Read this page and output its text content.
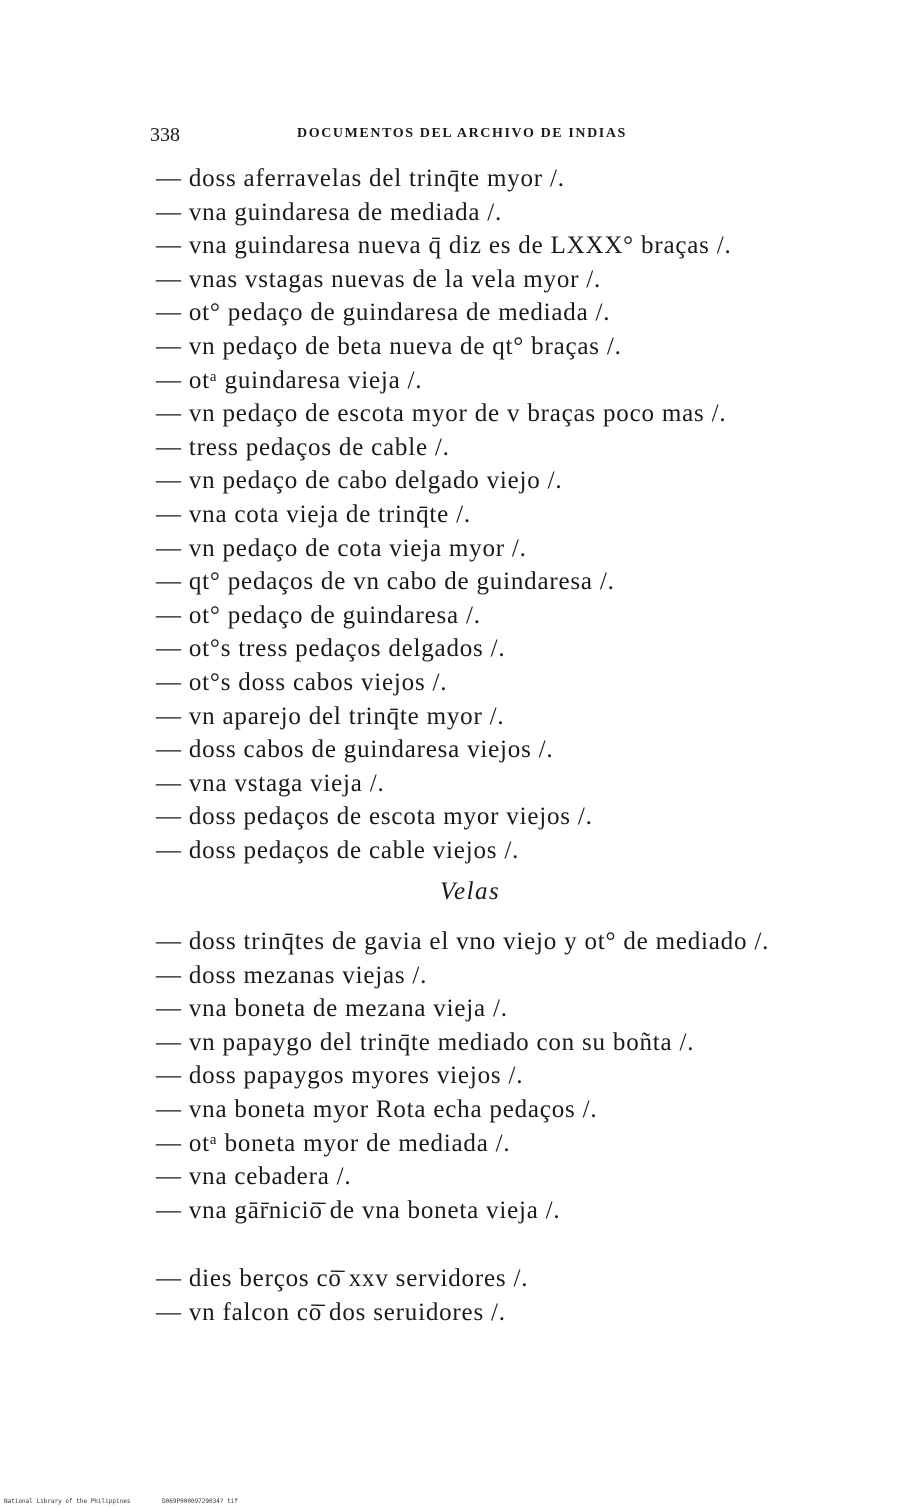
338	DOCUMENTOS DEL ARCHIVO DE INDIAS
— doss aferravelas del trinq̄te myor /.
— vna guindaresa de mediada /.
— vna guindaresa nueva q̄ diz es de LXXX° braças /.
— vnas vstagas nuevas de la vela myor /.
— ot° pedaço de guindaresa de mediada /.
— vn pedaço de beta nueva de qt° braças /.
— otᵃ guindaresa vieja /.
— vn pedaço de escota myor de v braças poco mas /.
— tress pedaços de cable /.
— vn pedaço de cabo delgado viejo /.
— vna cota vieja de trinq̄te /.
— vn pedaço de cota vieja myor /.
— qt° pedaços de vn cabo de guindaresa /.
— ot° pedaço de guindaresa /.
— ot°s tress pedaços delgados /.
— ot°s doss cabos viejos /.
— vn aparejo del trinq̄te myor /.
— doss cabos de guindaresa viejos /.
— vna vstaga vieja /.
— doss pedaços de escota myor viejos /.
— doss pedaços de cable viejos /.
Velas
— doss trinq̄tes de gavia el vno viejo y ot° de mediado /.
— doss mezanas viejas /.
— vna boneta de mezana vieja /.
— vn papaygo del trinq̄te mediado con su boñta /.
— doss papaygos myores viejos /.
— vna boneta myor Rota echa pedaços /.
— otᵃ boneta myor de mediada /.
— vna cebadera /.
— vna gār̄niciō̄ de vna boneta vieja /.
— dies berços cō̄ xxv servidores /.
— vn falcon cō̄ dos seruidores /.
National Library of the Philippines	D069P00009729034? tif
